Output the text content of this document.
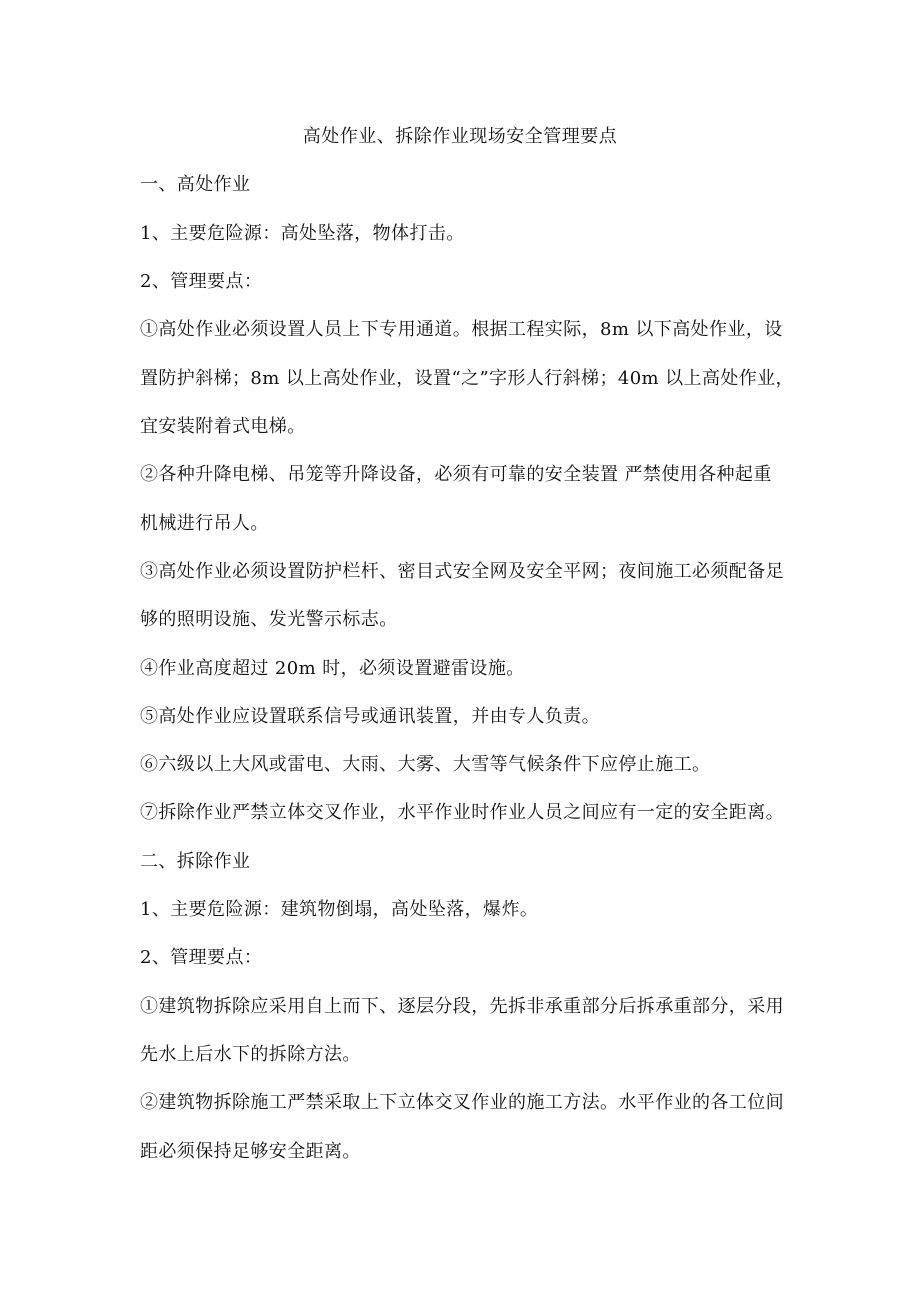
高处作业、拆除作业现场安全管理要点
一、高处作业
1、主要危险源：高处坠落，物体打击。
2、管理要点：
①高处作业必须设置人员上下专用通道。根据工程实际，8m 以下高处作业，设
置防护斜梯；8m 以上高处作业，设置“之”字形人行斜梯；40m 以上高处作业，
宜安装附着式电梯。
②各种升降电梯、吊笼等升降设备，必须有可靠的安全装置 严禁使用各种起重
机械进行吊人。
③高处作业必须设置防护栏杆、密目式安全网及安全平网；夜间施工必须配备足
够的照明设施、发光警示标志。
④作业高度超过 20m 时，必须设置避雷设施。
⑤高处作业应设置联系信号或通讯装置，并由专人负责。
⑥六级以上大风或雷电、大雨、大雾、大雪等气候条件下应停止施工。
⑦拆除作业严禁立体交叉作业，水平作业时作业人员之间应有一定的安全距离。
二、拆除作业
1、主要危险源：建筑物倒塌，高处坠落，爆炸。
2、管理要点：
①建筑物拆除应采用自上而下、逐层分段，先拆非承重部分后拆承重部分，采用
先水上后水下的拆除方法。
②建筑物拆除施工严禁采取上下立体交叉作业的施工方法。水平作业的各工位间
距必须保持足够安全距离。
